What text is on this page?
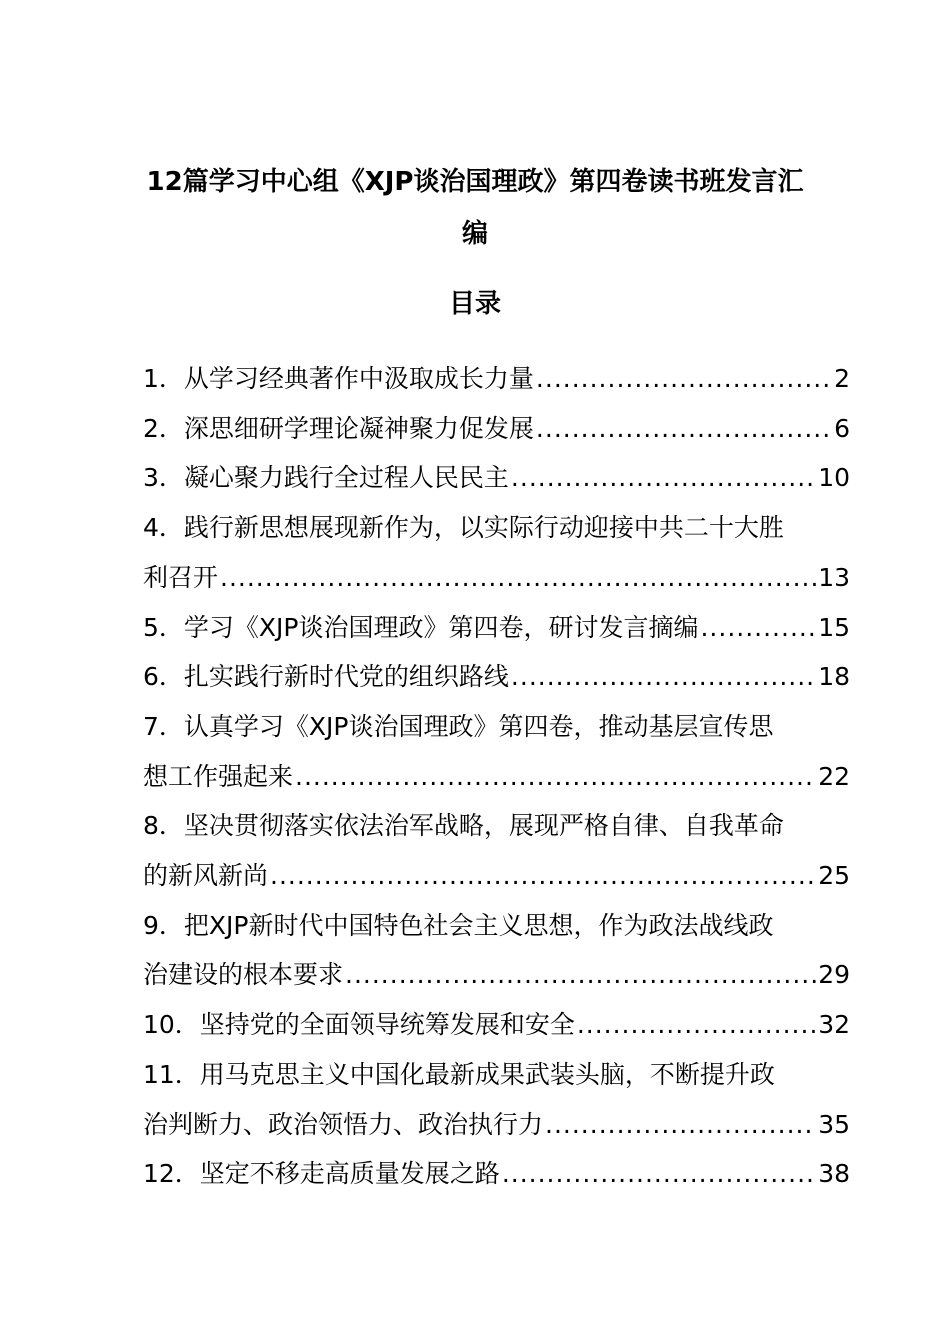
12篇学习中心组《XJP谈治国理政》第四卷读书班发言汇
编
目录
1．从学习经典著作中汲取成长力量 .....	2
2．深思细研学理论凝神聚力促发展 .....	6
3．凝心聚力践行全过程人民民主 .....	10
4．践行新思想展现新作为，以实际行动迎接中共二十大胜
利召开 .....	13
5．学习《XJP谈治国理政》第四卷，研讨发言摘编 .....	15
6．扎实践行新时代党的组织路线 .....	18
7．认真学习《XJP谈治国理政》第四卷，推动基层宣传思
想工作强起来 .....	22
8．坚决贯彻落实依法治军战略，展现严格自律、自我革命
的新风新尚 .....	25
9．把XJP新时代中国特色社会主义思想，作为政法战线政
治建设的根本要求 .....	29
10．坚持党的全面领导统筹发展和安全 .....	32
11．用马克思主义中国化最新成果武装头脑，不断提升政
治判断力、政治领悟力、政治执行力 .....	35
12．坚定不移走高质量发展之路 .....	38
